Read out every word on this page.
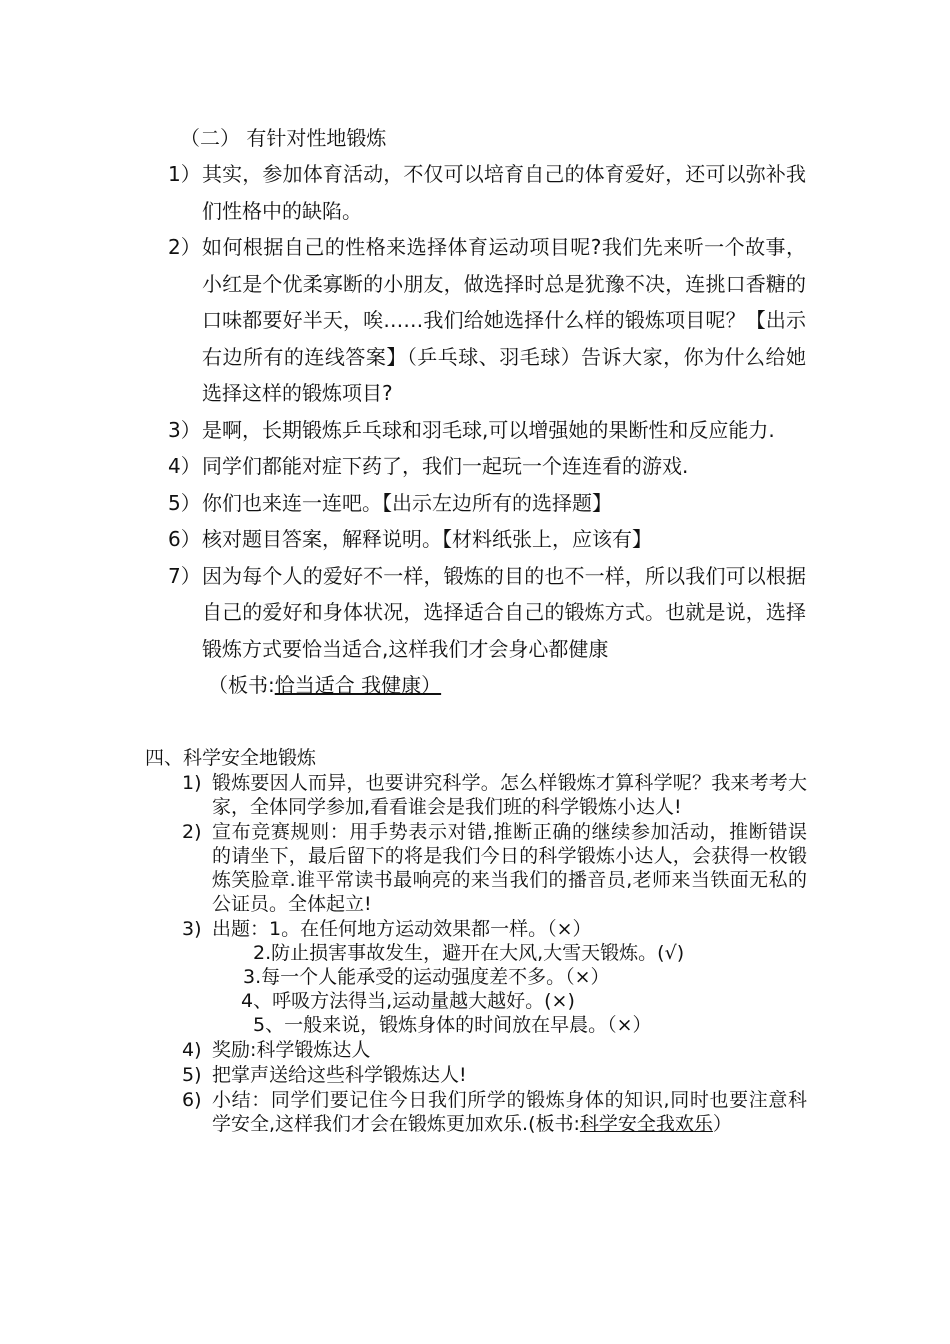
（二） 有针对性地锻炼
1） 其实，参加体育活动，不仅可以培育自己的体育爱好，还可以弥补我们性格中的缺陷。
2） 如何根据自己的性格来选择体育运动项目呢?我们先来听一个故事，小红是个优柔寡断的小朋友，做选择时总是犹豫不决，连挑口香糖的口味都要好半天，唉……我们给她选择什么样的锻炼项目呢？【出示右边所有的连线答案】（乒乓球、羽毛球）告诉大家，你为什么给她选择这样的锻炼项目?
3） 是啊，长期锻炼乒乓球和羽毛球,可以增强她的果断性和反应能力.
4） 同学们都能对症下药了，我们一起玩一个连连看的游戏.
5） 你们也来连一连吧。【出示左边所有的选择题】
6） 核对题目答案，解释说明。【材料纸张上，应该有】
7） 因为每个人的爱好不一样，锻炼的目的也不一样，所以我们可以根据自己的爱好和身体状况，选择适合自己的锻炼方式。也就是说，选择锻炼方式要恰当适合,这样我们才会身心都健康
（板书:恰当适合 我健康）
四、科学安全地锻炼
1) 锻炼要因人而异，也要讲究科学。怎么样锻炼才算科学呢？我来考考大家，全体同学参加,看看谁会是我们班的科学锻炼小达人!
2) 宣布竞赛规则：用手势表示对错,推断正确的继续参加活动，推断错误的请坐下，最后留下的将是我们今日的科学锻炼小达人，会获得一枚锻炼笑脸章.谁平常读书最响亮的来当我们的播音员,老师来当铁面无私的公证员。全体起立!
3) 出题：1。在任何地方运动效果都一样。（×）
2.防止损害事故发生，避开在大风,大雪天锻炼。(√)
3.每一个人能承受的运动强度差不多。（×）
4、呼吸方法得当,运动量越大越好。(×)
5、一般来说，锻炼身体的时间放在早晨。（×）
4) 奖励:科学锻炼达人
5) 把掌声送给这些科学锻炼达人!
6) 小结：同学们要记住今日我们所学的锻炼身体的知识,同时也要注意科学安全,这样我们才会在锻炼更加欢乐.(板书:科学安全我欢乐）
